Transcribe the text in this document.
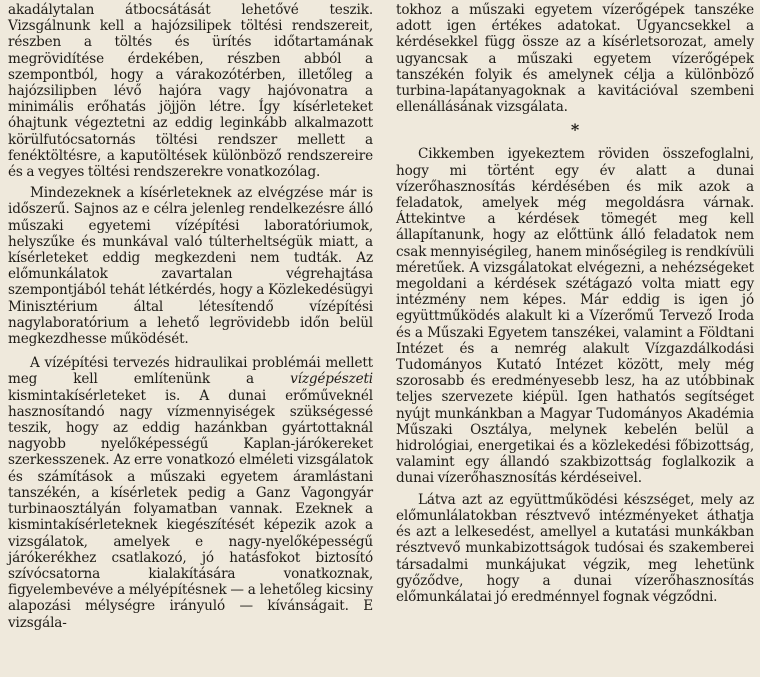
akadálytalan átbocsátását lehetővé teszik. Vizsgálnunk kell a hajózsilipek töltési rendszereit, részben a töltés és ürítés időtartamának megrövidítése érdekében, részben abból a szempontból, hogy a várakozótérben, illetőleg a hajózsilipben lévő hajóra vagy hajóvonatra a minimális erőhatás jöjjön létre. Így kísérleteket óhajtunk végeztetni az eddig leginkább alkalmazott körülfutócsatornás töltési rendszer mellett a fenéktöltésre, a kaputöltések különböző rendszereire és a vegyes töltési rendszerekre vonatkozólag.

Mindezeknek a kísérleteknek az elvégzése már is időszerű. Sajnos az e célra jelenleg rendelkezésre álló műszaki egyetemi vízépítési laboratóriumok, helyszűke és munkával való túlterheltségük miatt, a kísérleteket eddig megkezdeni nem tudták. Az előmunkálatok zavartalan végrehajtása szempontjából tehát létkérdés, hogy a Közlekedésügyi Minisztérium által létesítendő vízépítési nagylaboratórium a lehető legrövidebb időn belül megkezdhesse működését.

A vízépítési tervezés hidraulikai problémái mellett meg kell említenünk a vízgépészeti kismintakísérleteket is. A dunai erőműveknél hasznosítandó nagy vízmennyiségek szükségessé teszik, hogy az eddig hazánkban gyártottaknál nagyobb nyelőképességű Kaplan-járókereket szerkesszenek. Az erre vonatkozó elméleti vizsgálatok és számítások a műszaki egyetem áramlástani tanszékén, a kísérletek pedig a Ganz Vagongyár turbinaosztályán folyamatban vannak. Ezeknek a kismintakísérleteknek kiegészítését képezik azok a vizsgálatok, amelyek e nagy-nyelőképességű járókerékhez csatlakozó, jó hatásfokot biztosító szívócsatorna kialakítására vonatkoznak, figyelembevéve a mélyépítésnek — a lehetőleg kicsiny alapozási mélységre irányuló — kívánságait. E vizsgála-

tokhoz a műszaki egyetem vízerőgépek tanszéke adott igen értékes adatokat. Ugyancsekkel a kérdésekkel függ össze az a kísérletsorozat, amely ugyancsak a műszaki egyetem vízerőgépek tanszékén folyik és amelynek célja a különböző turbina-lapátanyagoknak a kavitációval szembeni ellenállásának vizsgálata.

*

Cikkemben igyekeztem röviden összefoglalni, hogy mi történt egy év alatt a dunai vízerőhasznosítás kérdésében és mik azok a feladatok, amelyek még megoldásra várnak. Áttekintve a kérdések tömegét meg kell állapítanunk, hogy az előttünk álló feladatok nem csak mennyiségileg, hanem minőségileg is rendkívüli méretűek. A vizsgálatokat elvégezni, a nehézségeket megoldani a kérdések szétágazó volta miatt egy intézmény nem képes. Már eddig is igen jó együttműködés alakult ki a Vízerőmű Tervező Iroda és a Műszaki Egyetem tanszékei, valamint a Földtani Intézet és a nemrég alakult Vízgazdálkodási Tudományos Kutató Intézet között, mely még szorosabb és eredményesebb lesz, ha az utóbbinak teljes szervezete kiépül. Igen hathatós segítséget nyújt munkánkban a Magyar Tudományos Akadémia Műszaki Osztálya, melynek kebelén belül a hidrológiai, energetikai és a közlekedési főbizottság, valamint egy állandó szakbizottság foglalkozik a dunai vízerőhasznosítás kérdéseivel.

Látva azt az együttműködési készséget, mely az előmunlálatokban résztvevő intézményeket áthatja és azt a lelkesedést, amellyel a kutatási munkákban résztvevő munkabizottságok tudósai és szakemberei társadalmi munkájukat végzik, meg lehetünk győződve, hogy a dunai vízerőhasznosítás előmunkálatai jó eredménnyel fognak végződni.
